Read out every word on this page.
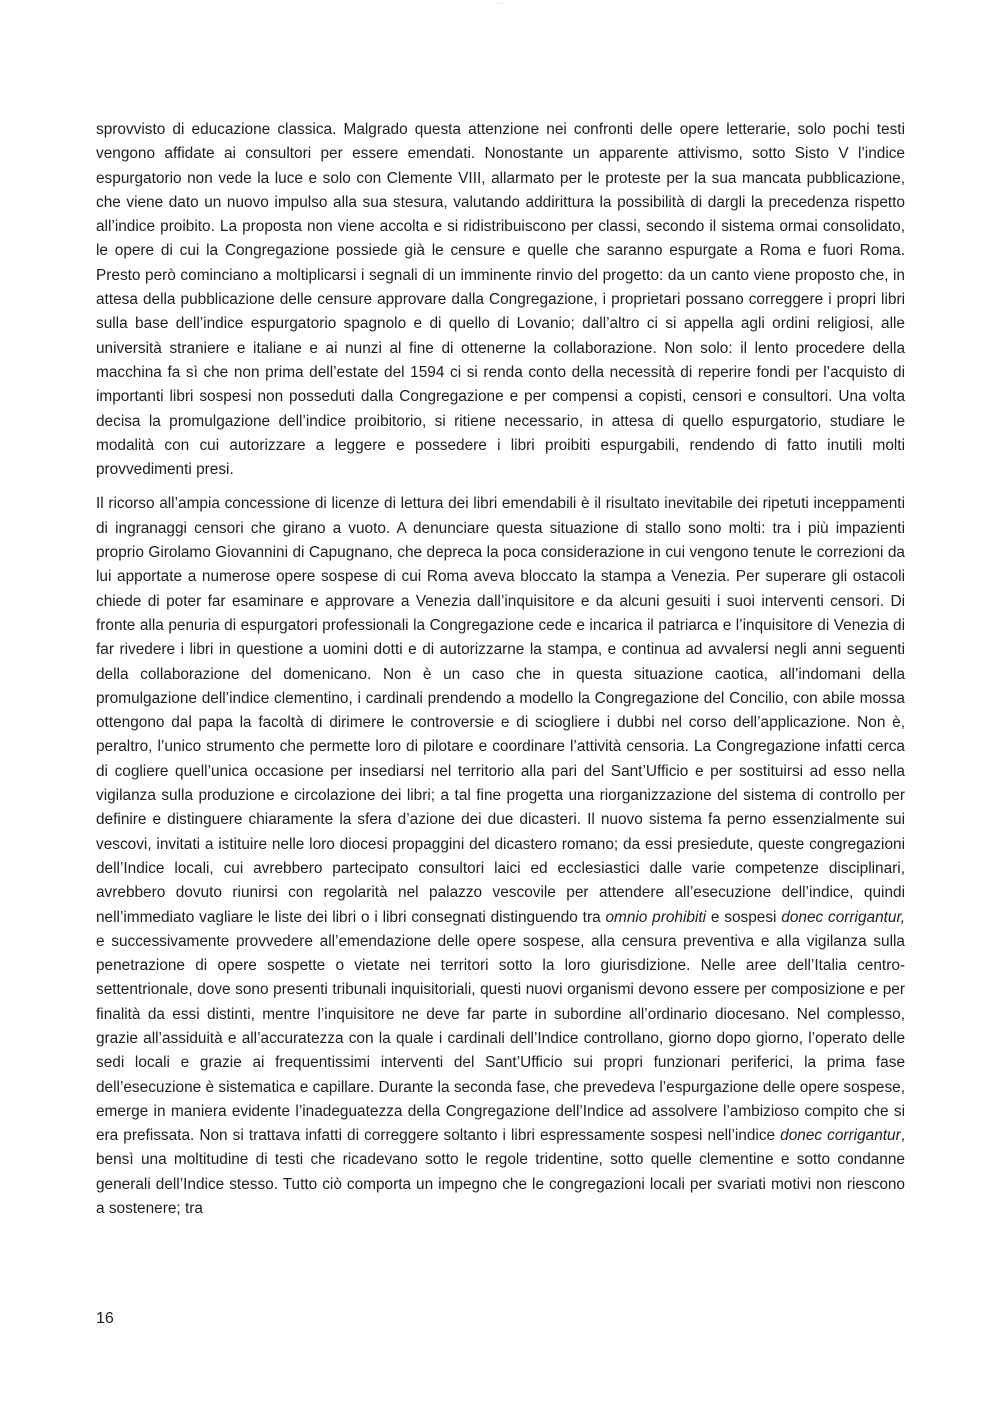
— —

sprovvisto di educazione classica. Malgrado questa attenzione nei confronti delle opere letterarie, solo pochi testi vengono affidate ai consultori per essere emendati. Nonostante un apparente attivismo, sotto Sisto V l’indice espurgatorio non vede la luce e solo con Clemente VIII, allarmato per le proteste per la sua mancata pubblicazione, che viene dato un nuovo impulso alla sua stesura, valutando addirittura la possibilità di dargli la precedenza rispetto all’indice proibito. La proposta non viene accolta e si ridistribuiscono per classi, secondo il sistema ormai consolidato, le opere di cui la Congregazione possiede già le censure e quelle che saranno espurgate a Roma e fuori Roma. Presto però cominciano a moltiplicarsi i segnali di un imminente rinvio del progetto: da un canto viene proposto che, in attesa della pubblicazione delle censure approvare dalla Congregazione, i proprietari possano correggere i propri libri sulla base dell’indice espurgatorio spagnolo e di quello di Lovanio; dall’altro ci si appella agli ordini religiosi, alle università straniere e italiane e ai nunzi al fine di ottenerne la collaborazione. Non solo: il lento procedere della macchina fa sì che non prima dell’estate del 1594 ci si renda conto della necessità di reperire fondi per l’acquisto di importanti libri sospesi non posseduti dalla Congregazione e per compensi a copisti, censori e consultori. Una volta decisa la promulgazione dell’indice proibitorio, si ritiene necessario, in attesa di quello espurgatorio, studiare le modalità con cui autorizzare a leggere e possedere i libri proibiti espurgabili, rendendo di fatto inutili molti provvedimenti presi.

Il ricorso all’ampia concessione di licenze di lettura dei libri emendabili è il risultato inevitabile dei ripetuti inceppamenti di ingranaggi censori che girano a vuoto. A denunciare questa situazione di stallo sono molti: tra i più impazienti proprio Girolamo Giovannini di Capugnano, che depreca la poca considerazione in cui vengono tenute le correzioni da lui apportate a numerose opere sospese di cui Roma aveva bloccato la stampa a Venezia. Per superare gli ostacoli chiede di poter far esaminare e approvare a Venezia dall’inquisitore e da alcuni gesuiti i suoi interventi censori. Di fronte alla penuria di espurgatori professionali la Congregazione cede e incarica il patriarca e l’inquisitore di Venezia di far rivedere i libri in questione a uomini dotti e di autorizzarne la stampa, e continua ad avvalersi negli anni seguenti della collaborazione del domenicano. Non è un caso che in questa situazione caotica, all’indomani della promulgazione dell’indice clementino, i cardinali prendendo a modello la Congregazione del Concilio, con abile mossa ottengono dal papa la facoltà di dirimere le controversie e di sciogliere i dubbi nel corso dell’applicazione. Non è, peraltro, l’unico strumento che permette loro di pilotare e coordinare l’attività censoria. La Congregazione infatti cerca di cogliere quell’unica occasione per insediarsi nel territorio alla pari del Sant’Ufficio e per sostituirsi ad esso nella vigilanza sulla produzione e circolazione dei libri; a tal fine progetta una riorganizzazione del sistema di controllo per definire e distinguere chiaramente la sfera d’azione dei due dicasteri. Il nuovo sistema fa perno essenzialmente sui vescovi, invitati a istituire nelle loro diocesi propaggini del dicastero romano; da essi presiedute, queste congregazioni dell’Indice locali, cui avrebbero partecipato consultori laici ed ecclesiastici dalle varie competenze disciplinari, avrebbero dovuto riunirsi con regolarità nel palazzo vescovile per attendere all’esecuzione dell’indice, quindi nell’immediato vagliare le liste dei libri o i libri consegnati distinguendo tra omnio prohibiti e sospesi donec corrigantur, e successivamente provvedere all’emendazione delle opere sospese, alla censura preventiva e alla vigilanza sulla penetrazione di opere sospette o vietate nei territori sotto la loro giurisdizione. Nelle aree dell’Italia centro-settentrionale, dove sono presenti tribunali inquisitoriali, questi nuovi organismi devono essere per composizione e per finalità da essi distinti, mentre l’inquisitore ne deve far parte in subordine all’ordinario diocesano. Nel complesso, grazie all’assiduità e all’accuratezza con la quale i cardinali dell’Indice controllano, giorno dopo giorno, l’operato delle sedi locali e grazie ai frequentissimi interventi del Sant’Ufficio sui propri funzionari periferici, la prima fase dell’esecuzione è sistematica e capillare. Durante la seconda fase, che prevedeva l’espurgazione delle opere sospese, emerge in maniera evidente l’inadeguatezza della Congregazione dell’Indice ad assolvere l’ambizioso compito che si era prefissata. Non si trattava infatti di correggere soltanto i libri espressamente sospesi nell’indice donec corrigantur, bensì una moltitudine di testi che ricadevano sotto le regole tridentine, sotto quelle clementine e sotto condanne generali dell’Indice stesso. Tutto ciò comporta un impegno che le congregazioni locali per svariati motivi non riescono a sostenere; tra

16
